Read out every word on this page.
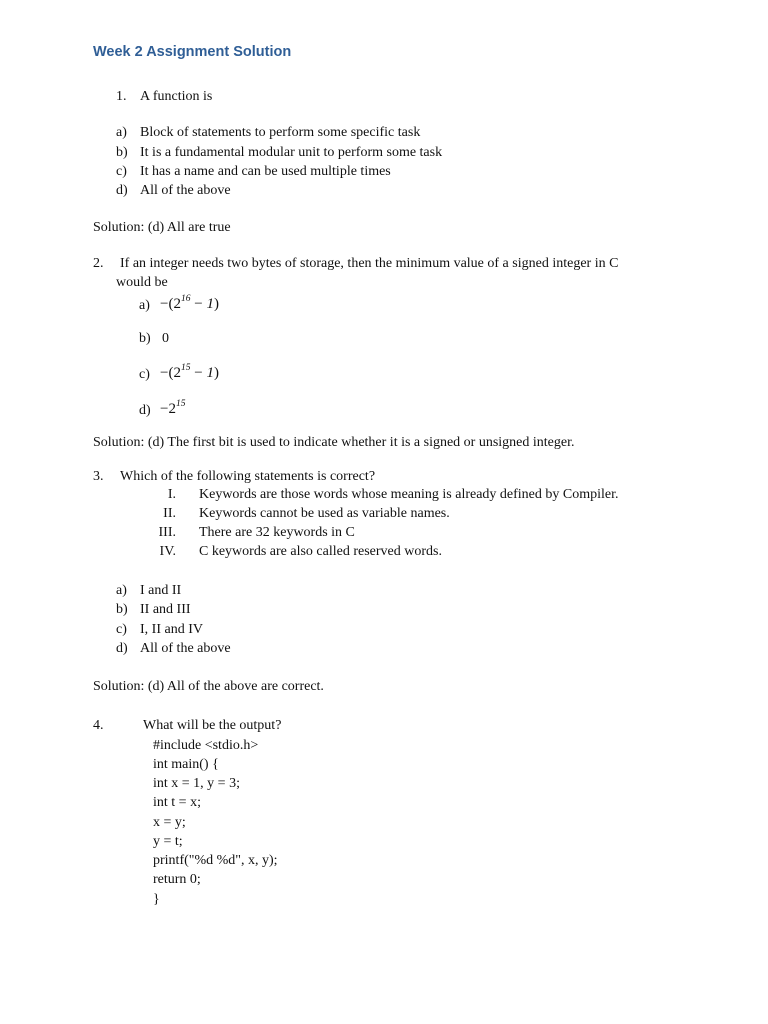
Week 2 Assignment Solution
1. A function is
a) Block of statements to perform some specific task
b) It is a fundamental modular unit to perform some task
c) It has a name and can be used multiple times
d) All of the above
Solution: (d) All are true
2. If an integer needs two bytes of storage, then the minimum value of a signed integer in C
would be
$a) -(2^{16} - 1)$
b) 0
$c) -(2^{15} - 1)$
$d) -2^{15}$
Solution: (d) The first bit is used to indicate whether it is a signed or unsigned integer.
3. Which of the following statements is correct?
I. Keywords are those words whose meaning is already defined by Compiler.
II. Keywords cannot be used as variable names.
III. There are 32 keywords in C
IV. C keywords are also called reserved words.
a) I and II
b) II and III
c) I, II and IV
d) All of the above
Solution: (d) All of the above are correct.
4.	What will be the output?
#include <stdio.h>
int main() {
int x = 1, y = 3;
int t = x;
x = y;
y = t;
printf("%d %d", x, y);
return 0;
}
